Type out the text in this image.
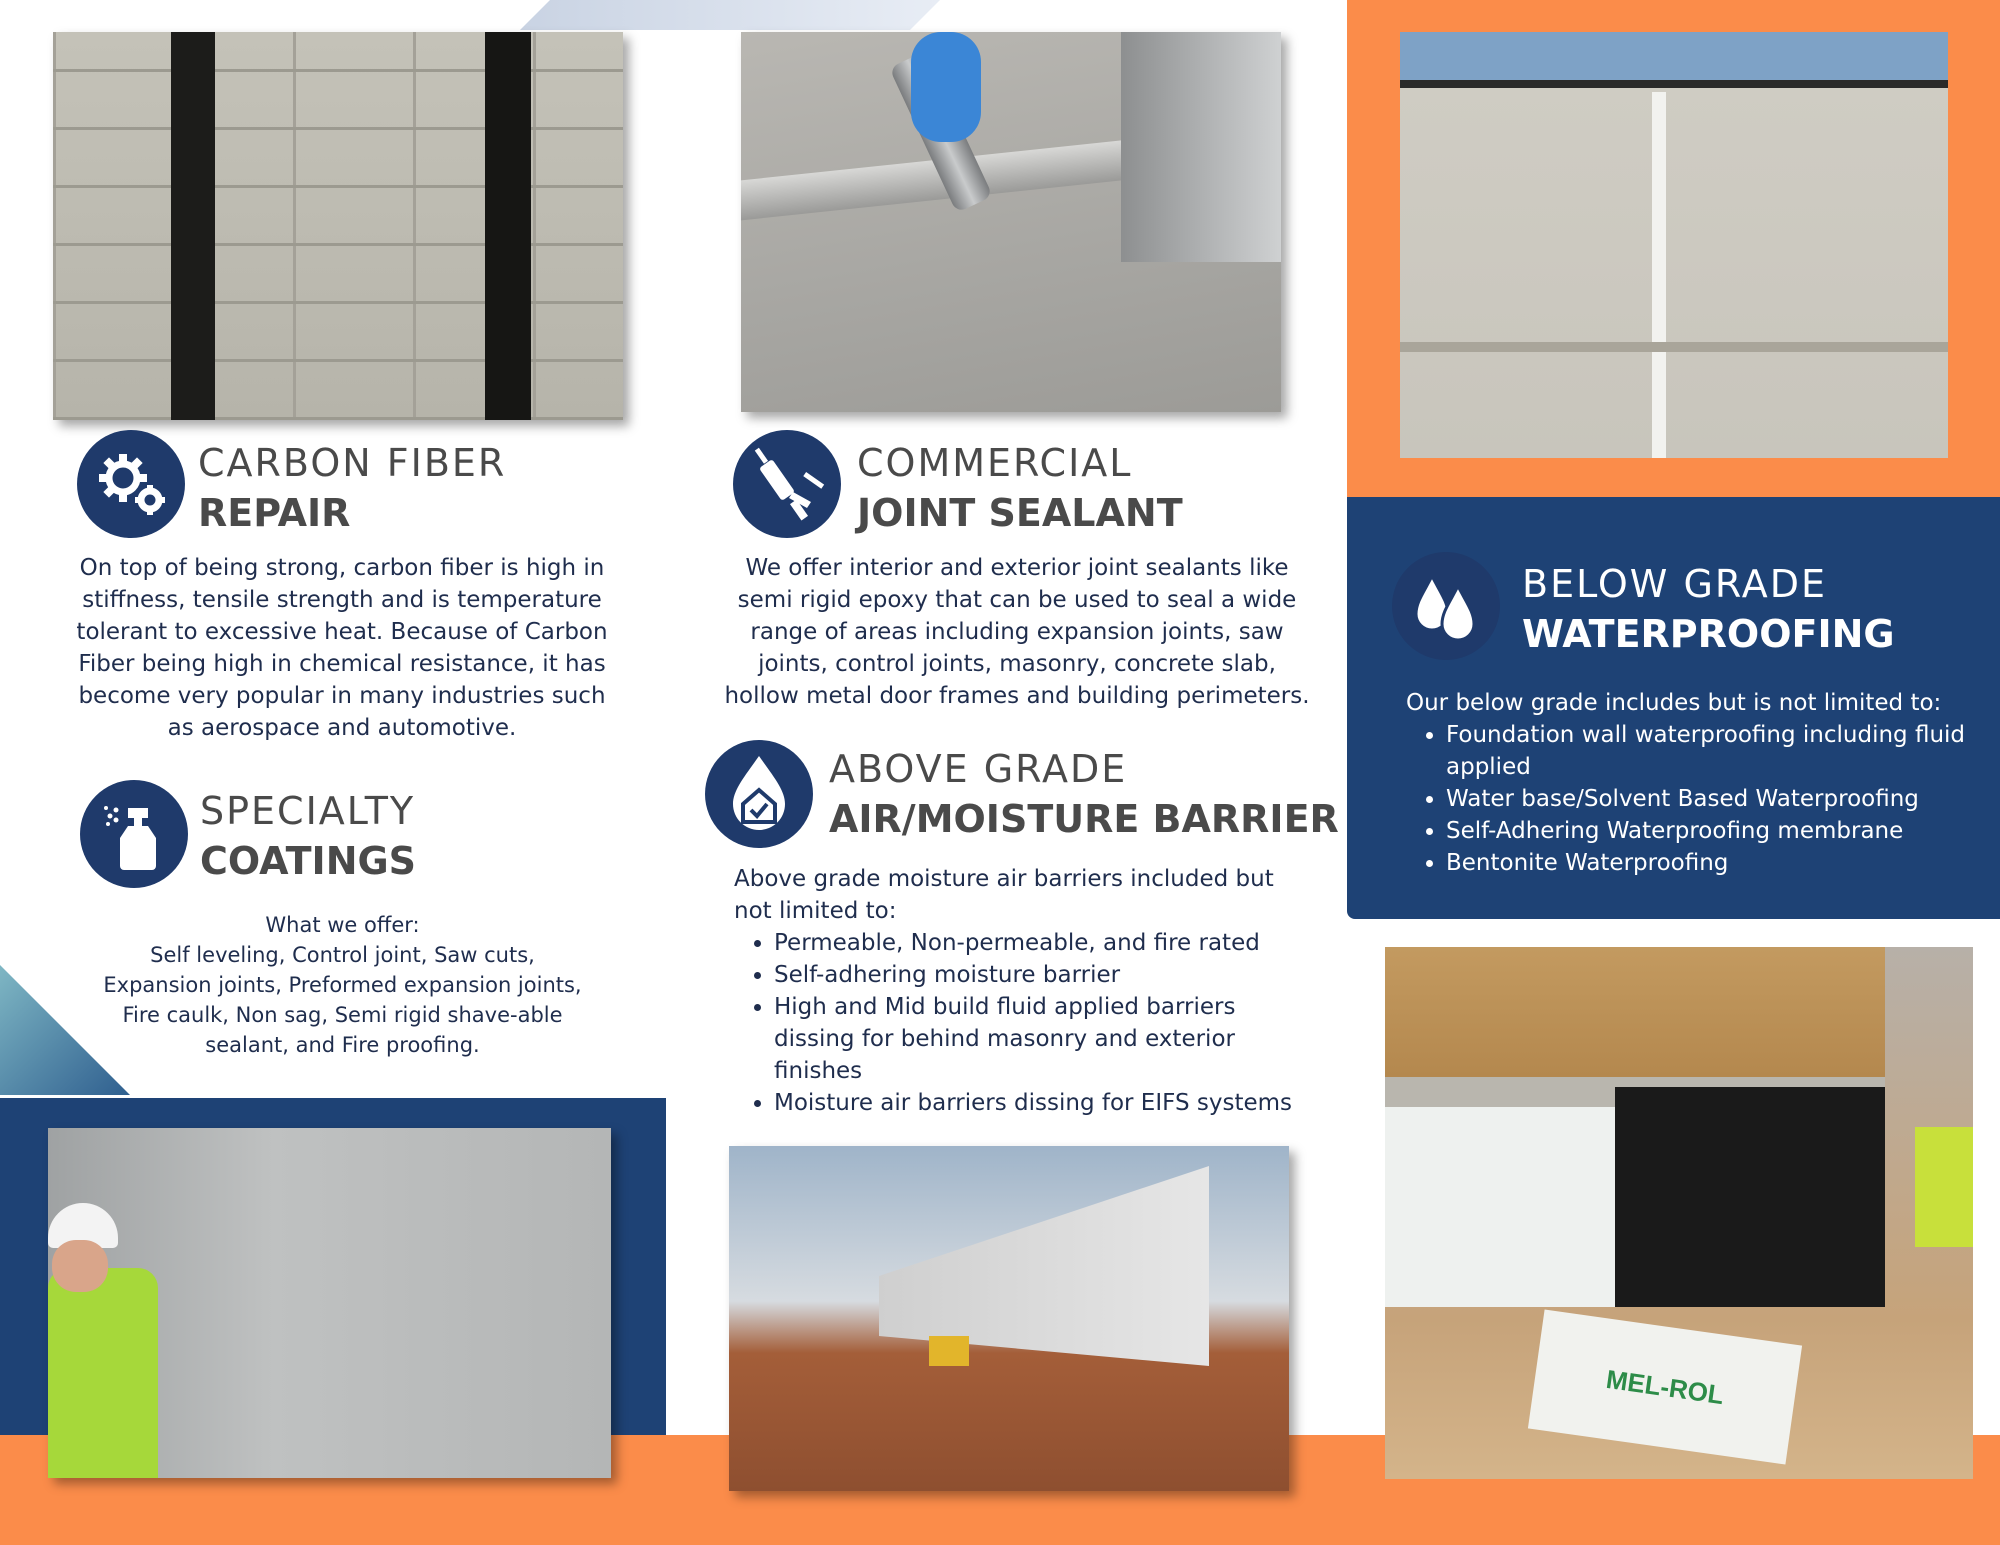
MEL-ROL
CARBON FIBER
REPAIR
On top of being strong, carbon fiber is high in stiffness, tensile strength and is temperature tolerant to excessive heat. Because of Carbon Fiber being high in chemical resistance, it has become very popular in many industries such as aerospace and automotive.
SPECIALTY
COATINGS
What we offer:
Self leveling, Control joint, Saw cuts, Expansion joints, Preformed expansion joints, Fire caulk, Non sag, Semi rigid shave-able sealant, and Fire proofing.
COMMERCIAL
JOINT SEALANT
We offer interior and exterior joint sealants like semi rigid epoxy that can be used to seal a wide range of areas including expansion joints, saw joints, control joints, masonry, concrete slab, hollow metal door frames and building perimeters.
ABOVE GRADE
AIR/MOISTURE BARRIER
Above grade moisture air barriers included but not limited to:
• Permeable, Non-permeable, and fire rated
• Self-adhering moisture barrier
• High and Mid build fluid applied barriers dissing for behind masonry and exterior finishes
• Moisture air barriers dissing for EIFS systems
BELOW GRADE
WATERPROOFING
Our below grade includes but is not limited to:
• Foundation wall waterproofing including fluid applied
• Water base/Solvent Based Waterproofing
• Self-Adhering Waterproofing membrane
• Bentonite Waterproofing
